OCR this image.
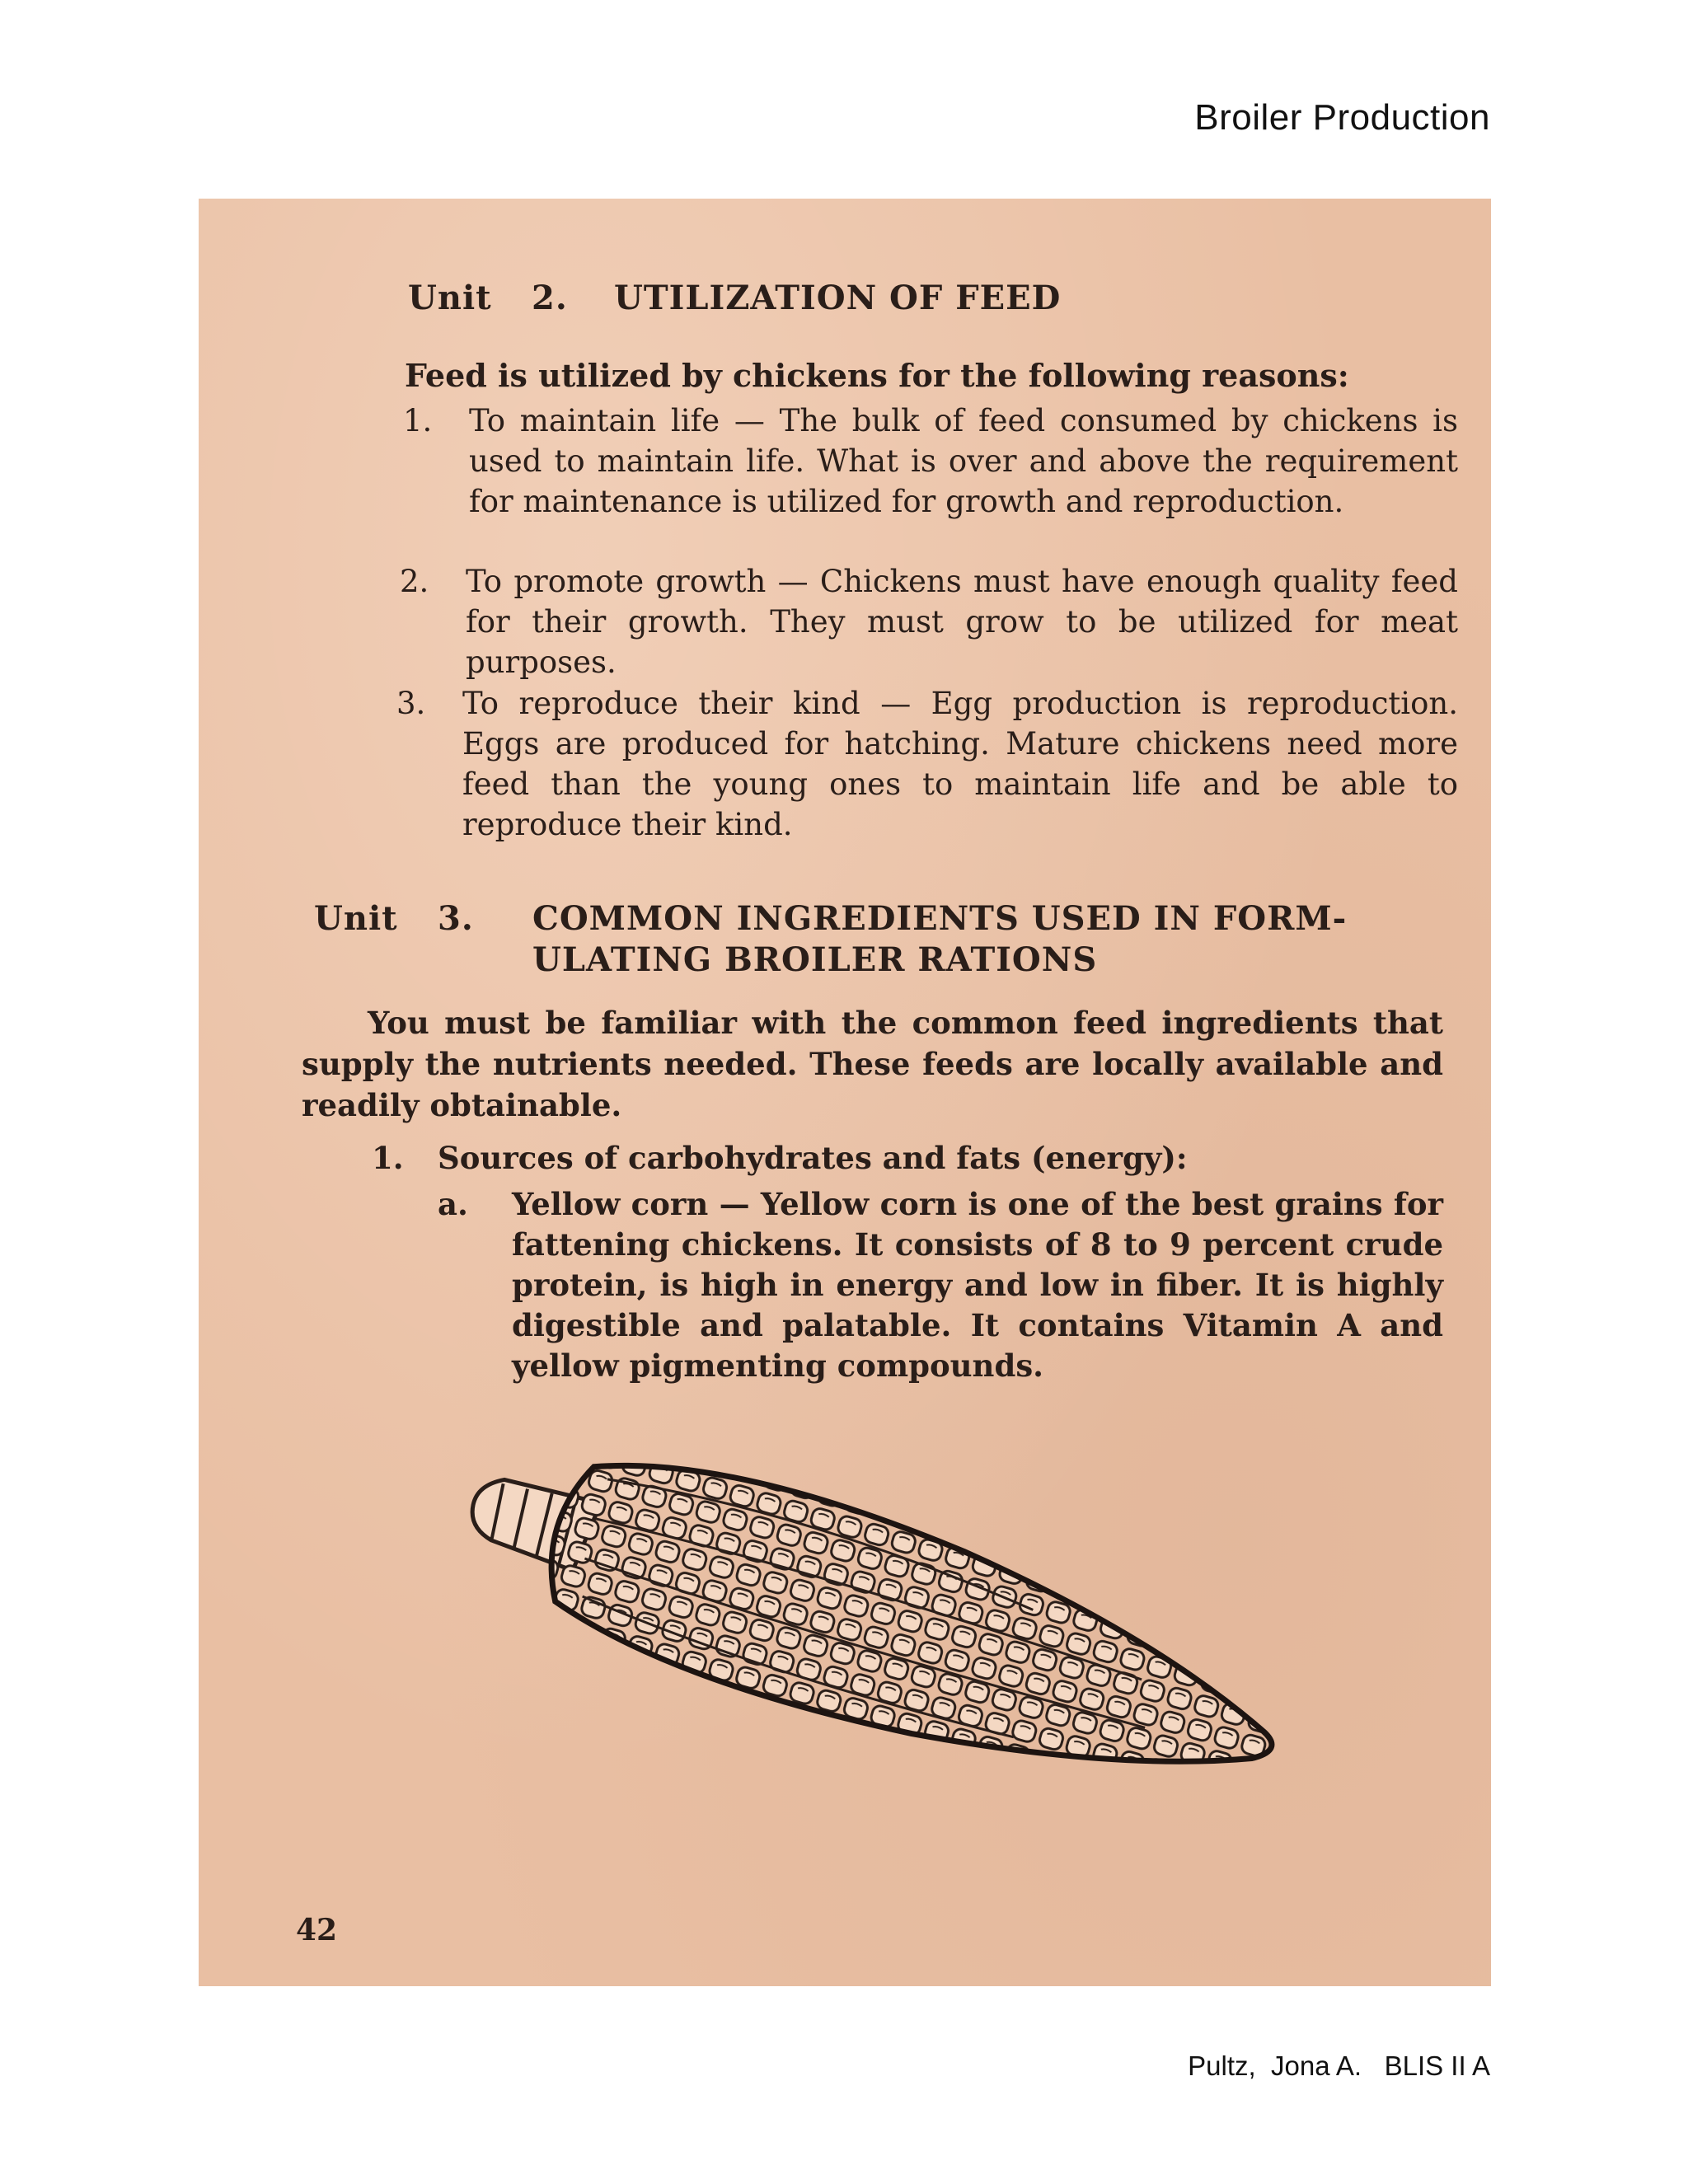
Broiler Production
Unit 2. UTILIZATION OF FEED
Feed is utilized by chickens for the following reasons:
1. To maintain life — The bulk of feed consumed by chickens is used to maintain life. What is over and above the requirement for maintenance is utilized for growth and reproduction.
2. To promote growth — Chickens must have enough quality feed for their growth. They must grow to be utilized for meat purposes.
3. To reproduce their kind — Egg production is reproduction. Eggs are produced for hatching. Mature chickens need more feed than the young ones to maintain life and be able to reproduce their kind.
Unit 3. COMMON INGREDIENTS USED IN FORM-
ULATING BROILER RATIONS
You must be familiar with the common feed ingredients that supply the nutrients needed. These feeds are locally available and readily obtainable.
1. Sources of carbohydrates and fats (energy):
a. Yellow corn — Yellow corn is one of the best grains for fattening chickens. It consists of 8 to 9 percent crude protein, is high in energy and low in fiber. It is highly digestible and palatable. It contains Vitamin A and yellow pigmenting compounds.
42
Pultz,  Jona A.   BLIS II A
